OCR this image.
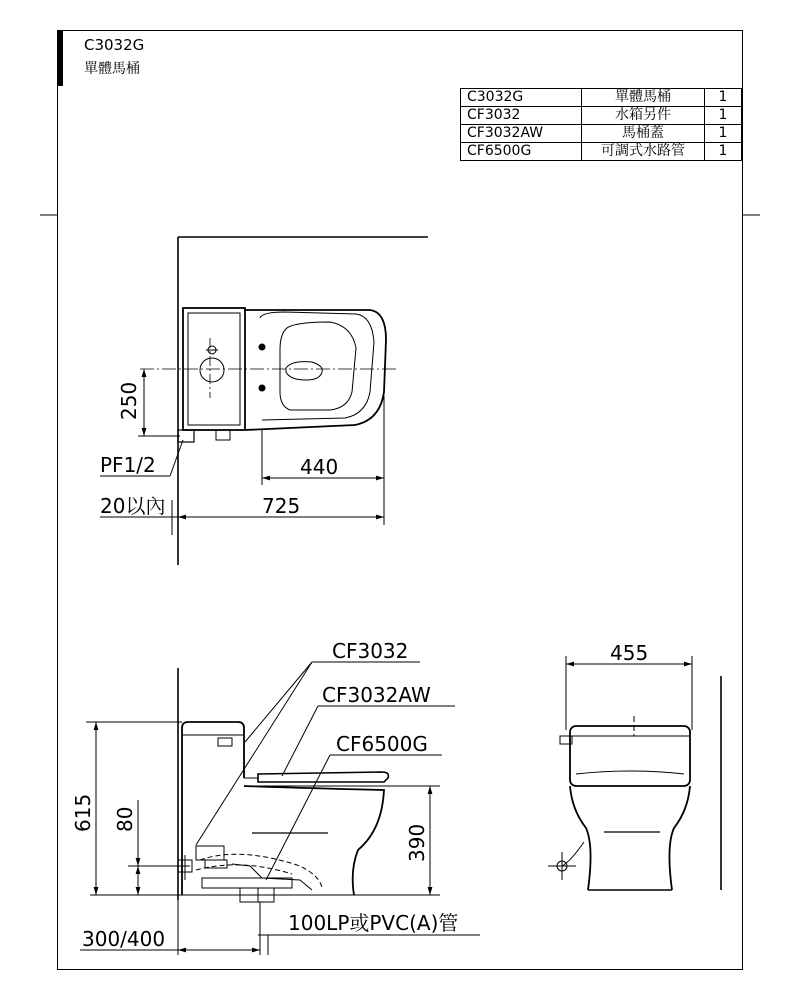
C3032G
單體馬桶
C3032G	單體馬桶	1
CF3032	水箱另件	1
CF3032AW	馬桶蓋	1
CF6500G	可調式水路管	1
250
440
725
PF1/2
20以內
CF3032
CF3032AW
CF6500G
615 80
390
300/400
100LP或PVC(A)管
455
